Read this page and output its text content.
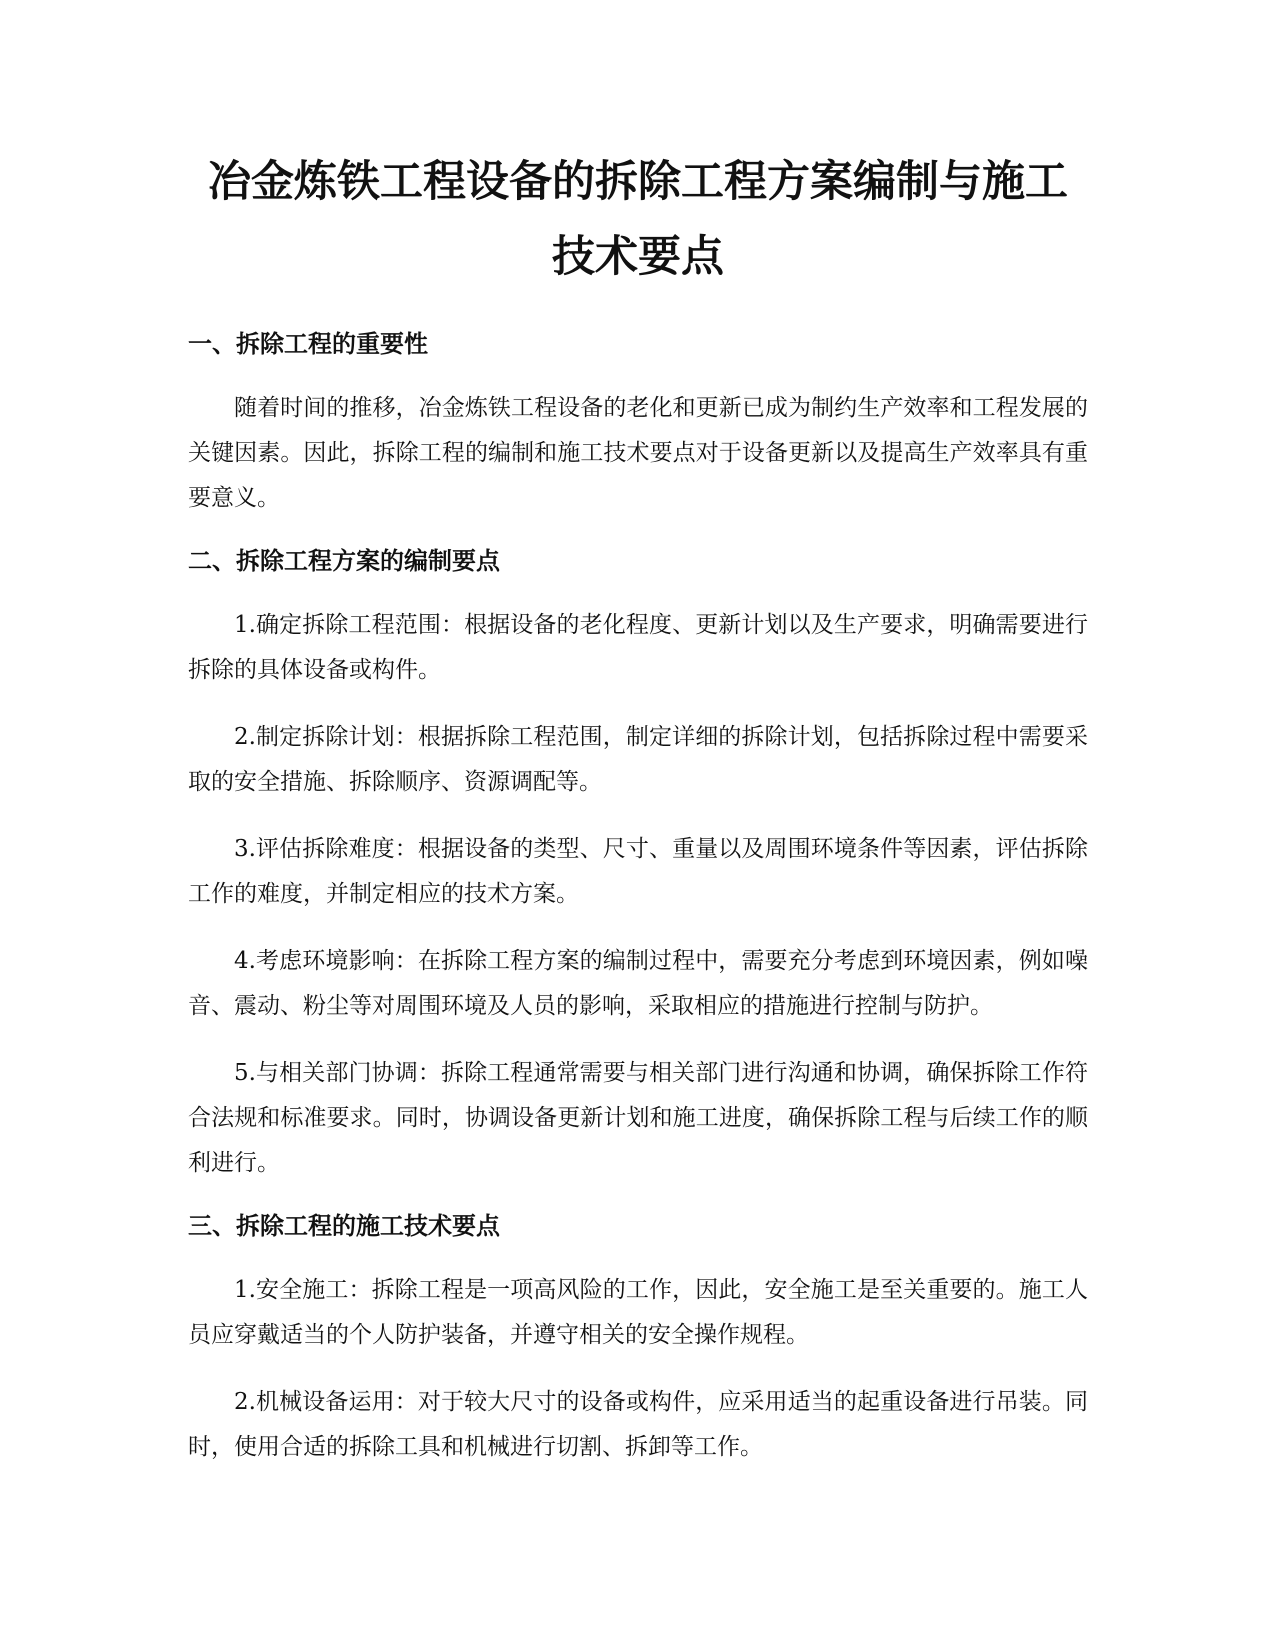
冶金炼铁工程设备的拆除工程方案编制与施工技术要点
一、拆除工程的重要性

随着时间的推移，冶金炼铁工程设备的老化和更新已成为制约生产效率和工程发展的关键因素。因此，拆除工程的编制和施工技术要点对于设备更新以及提高生产效率具有重要意义。

二、拆除工程方案的编制要点

1.确定拆除工程范围：根据设备的老化程度、更新计划以及生产要求，明确需要进行拆除的具体设备或构件。

2.制定拆除计划：根据拆除工程范围，制定详细的拆除计划，包括拆除过程中需要采取的安全措施、拆除顺序、资源调配等。

3.评估拆除难度：根据设备的类型、尺寸、重量以及周围环境条件等因素，评估拆除工作的难度，并制定相应的技术方案。

4.考虑环境影响：在拆除工程方案的编制过程中，需要充分考虑到环境因素，例如噪音、震动、粉尘等对周围环境及人员的影响，采取相应的措施进行控制与防护。

5.与相关部门协调：拆除工程通常需要与相关部门进行沟通和协调，确保拆除工作符合法规和标准要求。同时，协调设备更新计划和施工进度，确保拆除工程与后续工作的顺利进行。

三、拆除工程的施工技术要点

1.安全施工：拆除工程是一项高风险的工作，因此，安全施工是至关重要的。施工人员应穿戴适当的个人防护装备，并遵守相关的安全操作规程。

2.机械设备运用：对于较大尺寸的设备或构件，应采用适当的起重设备进行吊装。同时，使用合适的拆除工具和机械进行切割、拆卸等工作。
